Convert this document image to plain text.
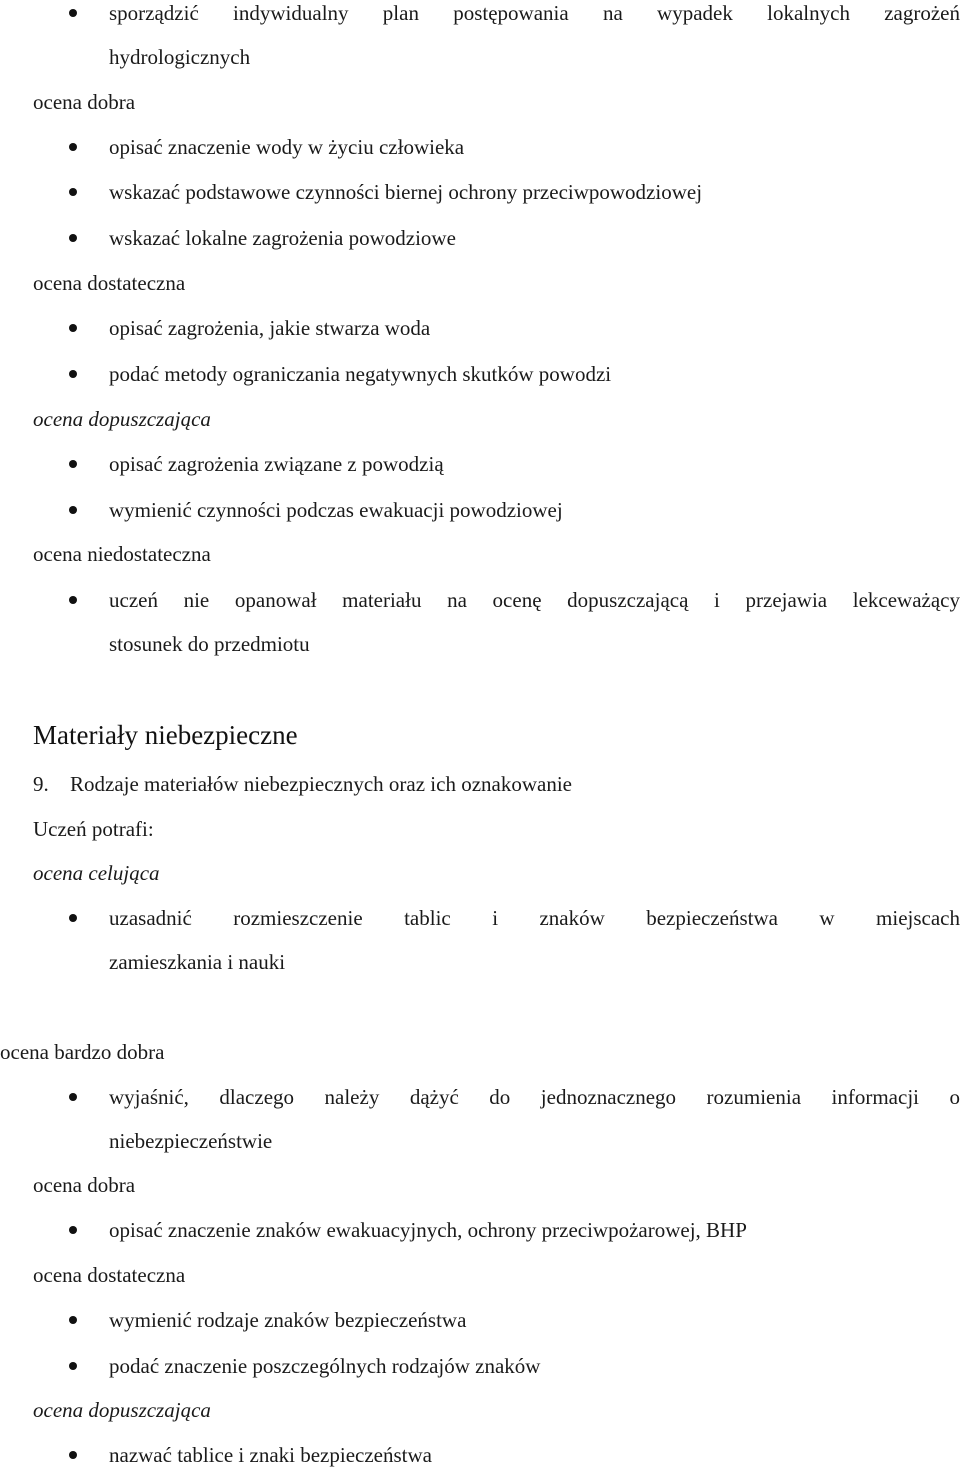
sporządzić indywidualny plan postępowania na wypadek lokalnych zagrożeń
hydrologicznych
ocena dobra
opisać znaczenie wody w życiu człowieka
wskazać podstawowe czynności biernej ochrony przeciwpowodziowej
wskazać lokalne zagrożenia powodziowe
ocena dostateczna
opisać zagrożenia, jakie stwarza woda
podać metody ograniczania negatywnych skutków powodzi
ocena dopuszczająca
opisać zagrożenia związane z powodzią
wymienić czynności podczas ewakuacji powodziowej
ocena niedostateczna
uczeń nie opanował materiału na ocenę dopuszczającą i przejawia lekceważący
stosunek do przedmiotu
Materiały niebezpieczne
9. Rodzaje materiałów niebezpiecznych oraz ich oznakowanie
Uczeń potrafi:
ocena celująca
uzasadnić rozmieszczenie tablic i znaków bezpieczeństwa w miejscach
zamieszkania i nauki
ocena bardzo dobra
wyjaśnić, dlaczego należy dążyć do jednoznacznego rozumienia informacji o
niebezpieczeństwie
ocena dobra
opisać znaczenie znaków ewakuacyjnych, ochrony przeciwpożarowej, BHP
ocena dostateczna
wymienić rodzaje znaków bezpieczeństwa
podać znaczenie poszczególnych rodzajów znaków
ocena dopuszczająca
nazwać tablice i znaki bezpieczeństwa
